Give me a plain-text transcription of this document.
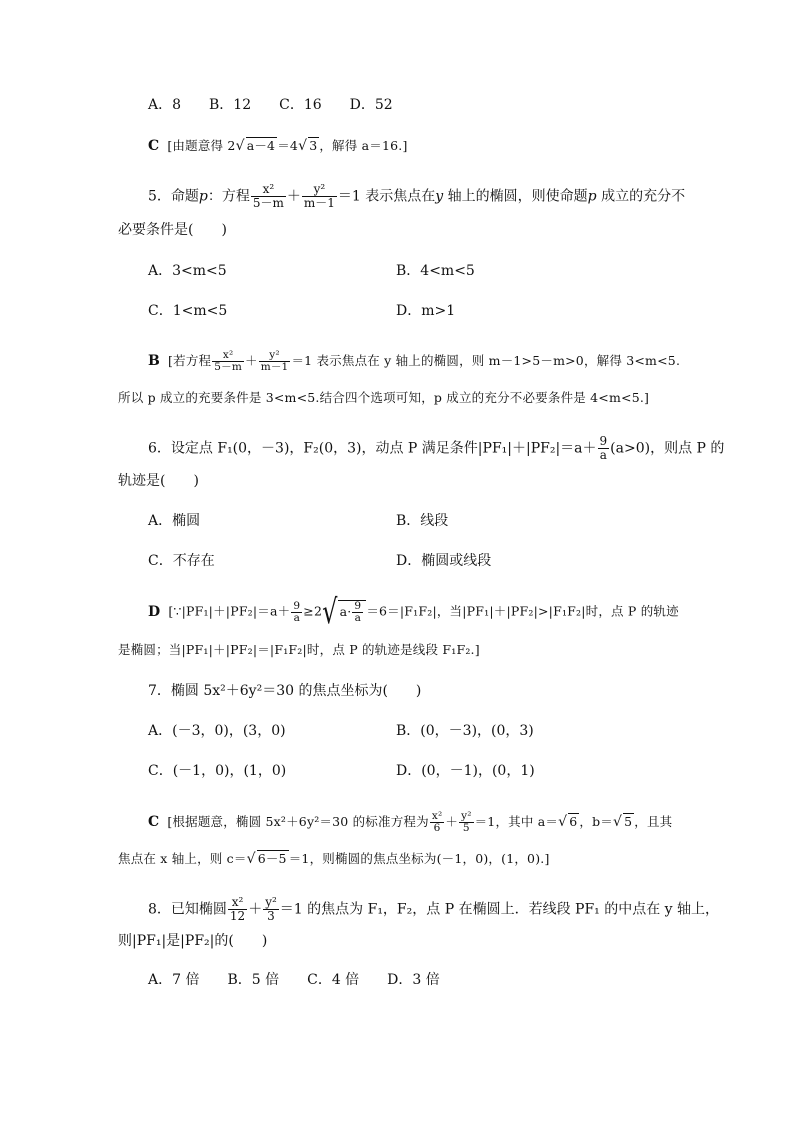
A．8　　B．12　　C．16　　D．52
C [由题意得 2√ a－4 ＝4√ 3 ，解得 a＝16.]
5．命题p：方程 $\frac{\text{x²}}{5-m} + \frac{\text{y²}}{m-1} =1$ 表示焦点在y 轴上的椭圆，则使命题p 成立的充分不
必要条件是(　　)
A．3<m<5	B．4<m<5
C．1<m<5	D．m>1
B [若方程 $\frac{\text{x²}}{5-m} + \frac{\text{y²}}{m-1} =1$ 表示焦点在 y 轴上的椭圆，则 m－1>5－m>0，解得 3<m<5.
所以 p 成立的充要条件是 3<m<5.结合四个选项可知，p 成立的充分不必要条件是 4<m<5.]
6．设定点 F₁(0，－3)，F₂(0，3)，动点 P 满足条件$|PF_1|+|PF_2|=a+ \frac{9}{a} (a>0)$，则点 P 的
轨迹是(　　)
A．椭圆	B．线段
C．不存在	D．椭圆或线段
D [∵|PF₁|＋|PF₂|＝a＋ $\frac{9}{a} \ge 2√$ $a\cdot \frac{9}{a} =6=|F_1F_2|$，当|PF₁|＋|PF₂|>|F₁F₂|时，点 P 的轨迹
是椭圆；当|PF₁|＋|PF₂|＝|F₁F₂|时，点 P 的轨迹是线段 F₁F₂.]
7．椭圆 5x²＋6y²＝30 的焦点坐标为(　　)
A．(－3，0)，(3，0)	B．(0，－3)，(0，3)
C．(－1，0)，(1，0)	D．(0，－1)，(0，1)
C [根据题意，椭圆 5x²＋6y²＝30 的标准方程为 $\frac{\text{x²}}{6} + \frac{\text{y²}}{5} =1$，其中 a＝√ 6 ，b＝√ 5 ，且其
焦点在 x 轴上，则 c＝√ 6－5 ＝1，则椭圆的焦点坐标为(－1，0)，(1，0).]
8．已知椭圆 $\frac{\text{x²}}{12} + \frac{\text{y²}}{3} =1$ 的焦点为 F₁，F₂，点 P 在椭圆上．若线段 PF₁ 的中点在 y 轴上，
则|PF₁|是|PF₂|的(　　)
A．7 倍　　B．5 倍　　C．4 倍　　D．3 倍
